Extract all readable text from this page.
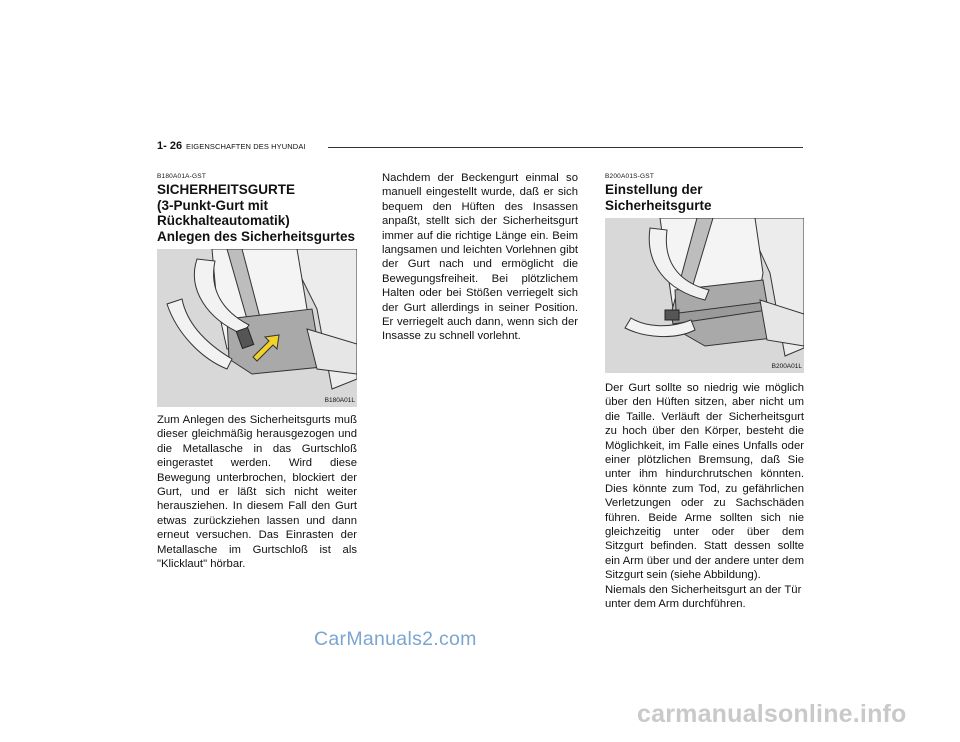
1- 26 EIGENSCHAFTEN DES HYUNDAI
B180A01A-GST
SICHERHEITSGURTE
(3-Punkt-Gurt mit
Rückhalteautomatik)
Anlegen des Sicherheitsgurtes
B180A01L

Zum Anlegen des Sicherheitsgurts muß dieser gleichmäßig herausgezogen und die Metallasche in das Gurtschloß eingerastet werden. Wird diese Bewegung unterbrochen, blockiert der Gurt, und er läßt sich nicht weiter herausziehen. In diesem Fall den Gurt etwas zurückziehen lassen und dann erneut versuchen. Das Einrasten der Metallasche im Gurtschloß ist als "Klicklaut" hörbar.

Nachdem der Beckengurt einmal so manuell eingestellt wurde, daß er sich bequem den Hüften des Insassen anpaßt, stellt sich der Sicherheitsgurt immer auf die richtige Länge ein. Beim langsamen und leichten Vorlehnen gibt der Gurt nach und ermöglicht die Bewegungsfreiheit. Bei plötzlichem Halten oder bei Stößen verriegelt sich der Gurt allerdings in seiner Position. Er verriegelt auch dann, wenn sich der Insasse zu schnell vorlehnt.

B200A01S-GST
Einstellung der Sicherheitsgurte
B200A01L

Der Gurt sollte so niedrig wie möglich über den Hüften sitzen, aber nicht um die Taille. Verläuft der Sicherheitsgurt zu hoch über den Körper, besteht die Möglichkeit, im Falle eines Unfalls oder einer plötzlichen Bremsung, daß Sie unter ihm hindurchrutschen könnten. Dies könnte zum Tod, zu gefährlichen Verletzungen oder zu Sachschäden führen. Beide Arme sollten sich nie gleichzeitig unter oder über dem Sitzgurt befinden. Statt dessen sollte ein Arm über und der andere unter dem Sitzgurt sein (siehe Abbildung).

Niemals den Sicherheitsgurt an der Tür unter dem Arm durchführen.

CarManuals2.com
carmanualsonline.info
